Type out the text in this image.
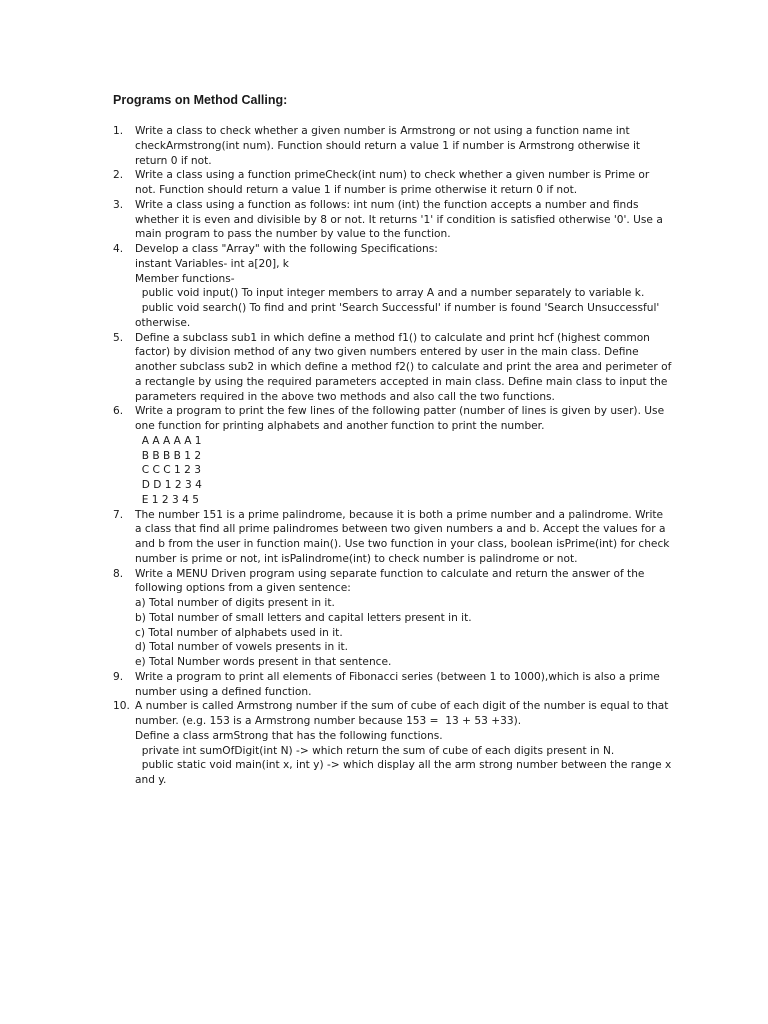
Programs on Method Calling:
1. Write a class to check whether a given number is Armstrong or not using a function name int
checkArmstrong(int num). Function should return a value 1 if number is Armstrong otherwise it
return 0 if not.
2. Write a class using a function primeCheck(int num) to check whether a given number is Prime or
not. Function should return a value 1 if number is prime otherwise it return 0 if not.
3. Write a class using a function as follows: int num (int) the function accepts a number and finds
whether it is even and divisible by 8 or not. It returns '1' if condition is satisfied otherwise '0'. Use a
main program to pass the number by value to the function.
4. Develop a class "Array" with the following Specifications:
instant Variables- int a[20], k
Member functions-
public void input() To input integer members to array A and a number separately to variable k.
public void search() To find and print 'Search Successful' if number is found 'Search Unsuccessful'
otherwise.
5. Define a subclass sub1 in which define a method f1() to calculate and print hcf (highest common
factor) by division method of any two given numbers entered by user in the main class. Define
another subclass sub2 in which define a method f2() to calculate and print the area and perimeter of
a rectangle by using the required parameters accepted in main class. Define main class to input the
parameters required in the above two methods and also call the two functions.
6. Write a program to print the few lines of the following patter (number of lines is given by user). Use
one function for printing alphabets and another function to print the number.
A A A A A 1
B B B B 1 2
C C C 1 2 3
D D 1 2 3 4
E 1 2 3 4 5
7. The number 151 is a prime palindrome, because it is both a prime number and a palindrome. Write
a class that find all prime palindromes between two given numbers a and b. Accept the values for a
and b from the user in function main(). Use two function in your class, boolean isPrime(int) for check
number is prime or not, int isPalindrome(int) to check number is palindrome or not.
8. Write a MENU Driven program using separate function to calculate and return the answer of the
following options from a given sentence:
a) Total number of digits present in it.
b) Total number of small letters and capital letters present in it.
c) Total number of alphabets used in it.
d) Total number of vowels presents in it.
e) Total Number words present in that sentence.
9. Write a program to print all elements of Fibonacci series (between 1 to 1000),which is also a prime
number using a defined function.
10. A number is called Armstrong number if the sum of cube of each digit of the number is equal to that
number. (e.g. 153 is a Armstrong number because 153 =  13 + 53 +33).
Define a class armStrong that has the following functions.
private int sumOfDigit(int N) -> which return the sum of cube of each digits present in N.
public static void main(int x, int y) -> which display all the arm strong number between the range x
and y.
